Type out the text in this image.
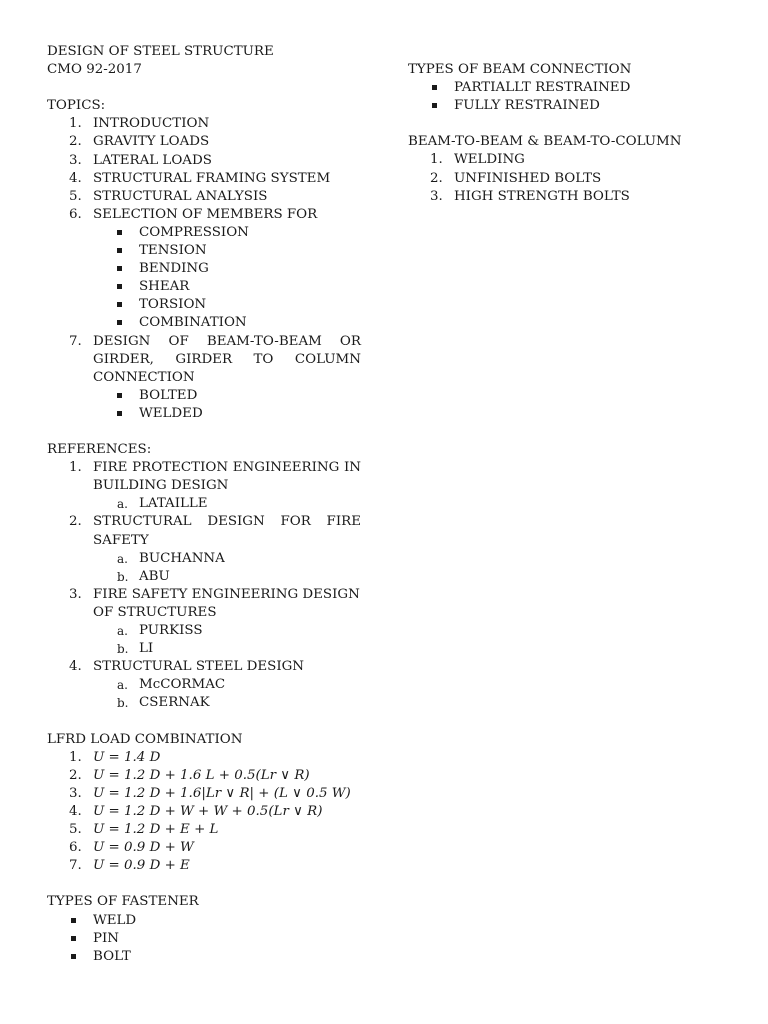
DESIGN OF STEEL STRUCTURE
CMO 92-2017
TOPICS:
1. INTRODUCTION
2. GRAVITY LOADS
3. LATERAL LOADS
4. STRUCTURAL FRAMING SYSTEM
5. STRUCTURAL ANALYSIS
6. SELECTION OF MEMBERS FOR
COMPRESSION
TENSION
BENDING
SHEAR
TORSION
COMBINATION
7. DESIGN OF BEAM-TO-BEAM OR
GIRDER, GIRDER TO COLUMN
CONNECTION
BOLTED
WELDED
REFERENCES:
1. FIRE PROTECTION ENGINEERING IN
BUILDING DESIGN
a. LATAILLE
2. STRUCTURAL DESIGN FOR FIRE
SAFETY
a. BUCHANNA
b. ABU
3. FIRE SAFETY ENGINEERING DESIGN
OF STRUCTURES
a. PURKISS
b. LI
4. STRUCTURAL STEEL DESIGN
a. McCORMAC
b. CSERNAK
LFRD LOAD COMBINATION
1. U = 1.4 D
2. U = 1.2 D + 1.6 L + 0.5(Lr ∨ R)
3. U = 1.2 D + 1.6|Lr ∨ R| + (L ∨ 0.5 W)
4. U = 1.2 D + W + W + 0.5(Lr ∨ R)
5. U = 1.2 D + E + L
6. U = 0.9 D + W
7. U = 0.9 D + E
TYPES OF FASTENER
WELD
PIN
BOLT
TYPES OF BEAM CONNECTION
PARTIALLT RESTRAINED
FULLY RESTRAINED
BEAM-TO-BEAM & BEAM-TO-COLUMN
1. WELDING
2. UNFINISHED BOLTS
3. HIGH STRENGTH BOLTS
